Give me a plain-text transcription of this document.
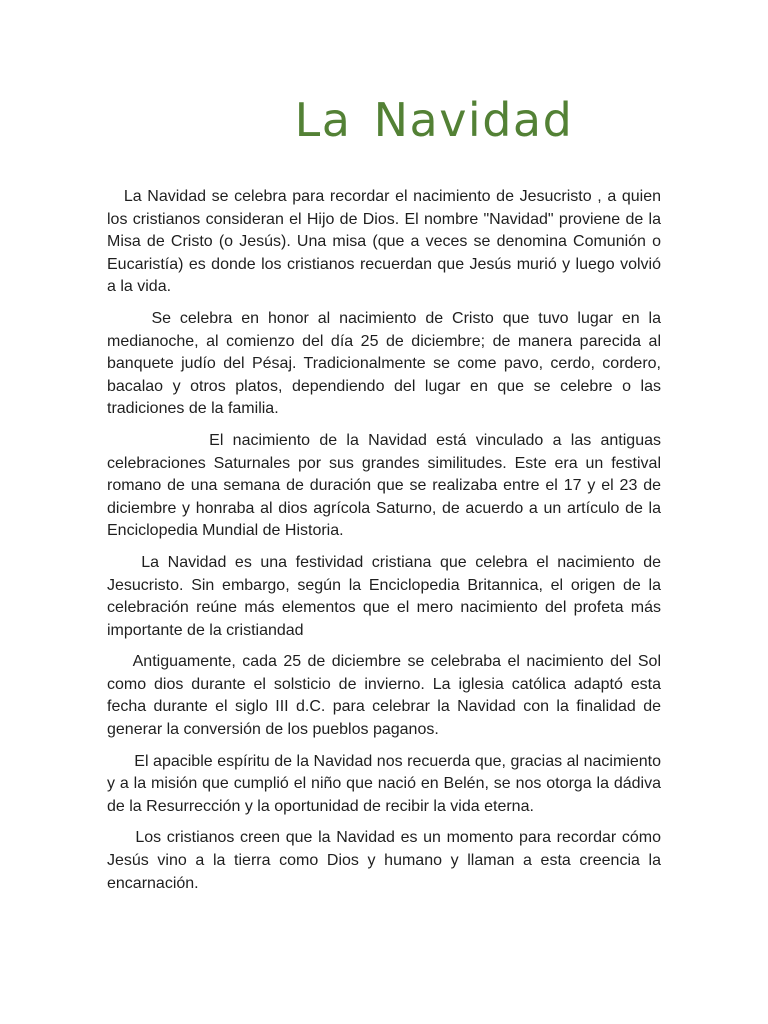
La Navidad

La Navidad se celebra para recordar el nacimiento de Jesucristo , a quien los cristianos consideran el Hijo de Dios. El nombre "Navidad" proviene de la Misa de Cristo (o Jesús). Una misa (que a veces se denomina Comunión o Eucaristía) es donde los cristianos recuerdan que Jesús murió y luego volvió a la vida.

Se celebra en honor al nacimiento de Cristo que tuvo lugar en la medianoche, al comienzo del día 25 de diciembre; de manera parecida al banquete judío del Pésaj. Tradicionalmente se come pavo, cerdo, cordero, bacalao y otros platos, dependiendo del lugar en que se celebre o las tradiciones de la familia.

El nacimiento de la Navidad está vinculado a las antiguas celebraciones Saturnales por sus grandes similitudes. Este era un festival romano de una semana de duración que se realizaba entre el 17 y el 23 de diciembre y honraba al dios agrícola Saturno, de acuerdo a un artículo de la Enciclopedia Mundial de Historia.

La Navidad es una festividad cristiana que celebra el nacimiento de Jesucristo. Sin embargo, según la Enciclopedia Britannica, el origen de la celebración reúne más elementos que el mero nacimiento del profeta más importante de la cristiandad

Antiguamente, cada 25 de diciembre se celebraba el nacimiento del Sol como dios durante el solsticio de invierno. La iglesia católica adaptó esta fecha durante el siglo III d.C. para celebrar la Navidad con la finalidad de generar la conversión de los pueblos paganos.

El apacible espíritu de la Navidad nos recuerda que, gracias al nacimiento y a la misión que cumplió el niño que nació en Belén, se nos otorga la dádiva de la Resurrección y la oportunidad de recibir la vida eterna.

Los cristianos creen que la Navidad es un momento para recordar cómo Jesús vino a la tierra como Dios y humano y llaman a esta creencia la encarnación.
